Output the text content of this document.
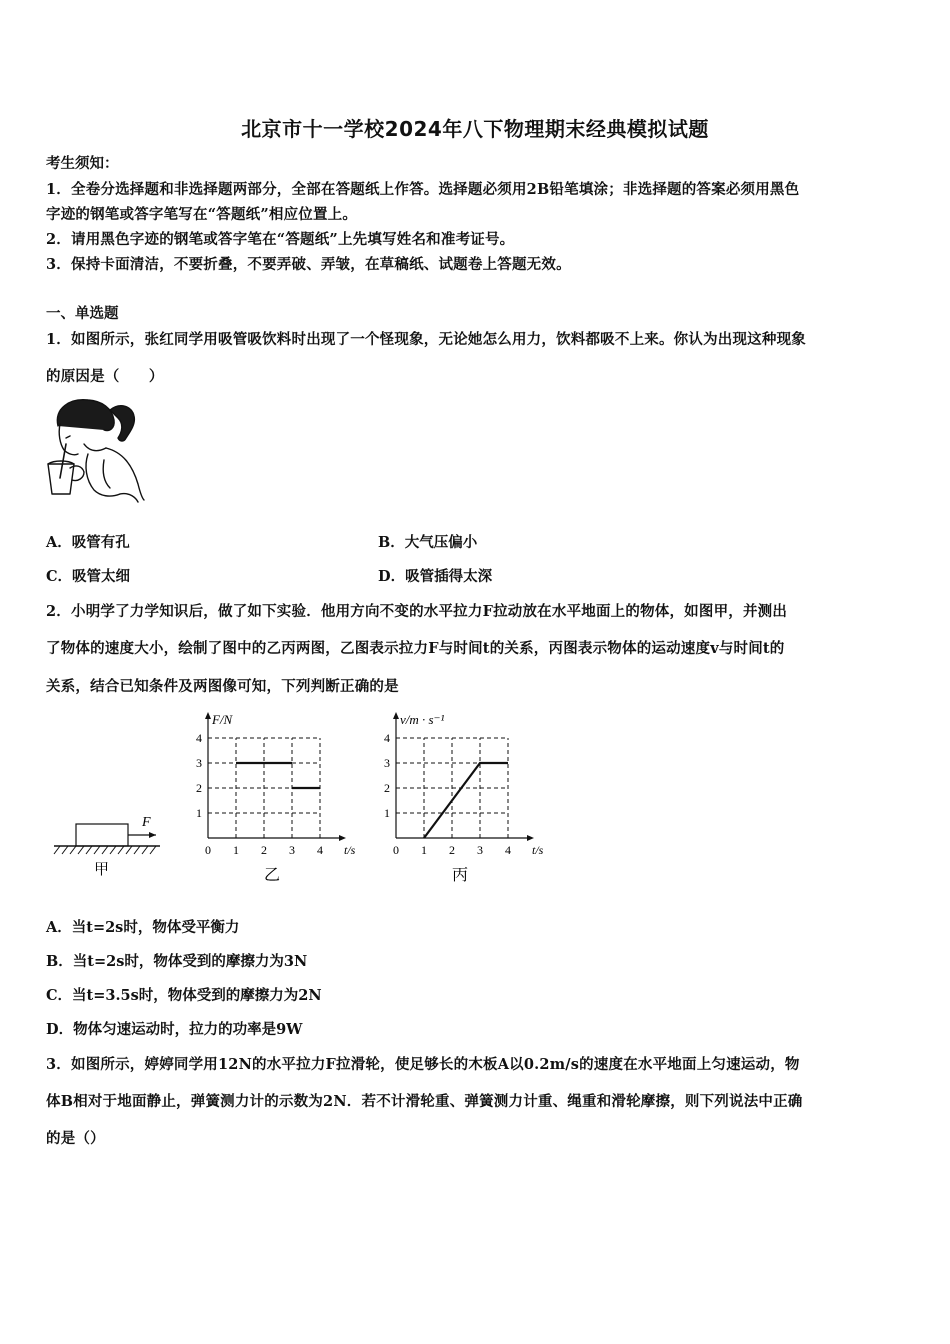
北京市十一学校2024年八下物理期末经典模拟试题
考生须知：
1．全卷分选择题和非选择题两部分，全部在答题纸上作答。选择题必须用2B铅笔填涂；非选择题的答案必须用黑色
字迹的钢笔或答字笔写在“答题纸”相应位置上。
2．请用黑色字迹的钢笔或答字笔在“答题纸”上先填写姓名和准考证号。
3．保持卡面清洁，不要折叠，不要弄破、弄皱，在草稿纸、试题卷上答题无效。
一、单选题
1．如图所示，张红同学用吸管吸饮料时出现了一个怪现象，无论她怎么用力，饮料都吸不上来。你认为出现这种现象
的原因是（　　）
A．吸管有孔	B．大气压偏小
C．吸管太细	D．吸管插得太深
2．小明学了力学知识后，做了如下实验．他用方向不变的水平拉力F拉动放在水平地面上的物体，如图甲，并测出
了物体的速度大小，绘制了图中的乙丙两图，乙图表示拉力F与时间t的关系，丙图表示物体的运动速度v与时间t的
关系，结合已知条件及两图像可知，下列判断正确的是
F
甲
0 1 2 3 4
1
2
3
4
t/s
F/N
乙
0 1 2 3 4
1
2
3
4
t/s
v/m · s⁻¹
丙
A．当t=2s时，物体受平衡力
B．当t=2s时，物体受到的摩擦力为3N
C．当t=3.5s时，物体受到的摩擦力为2N
D．物体匀速运动时，拉力的功率是9W
3．如图所示，婷婷同学用12N的水平拉力F拉滑轮，使足够长的木板A以0.2m/s的速度在水平地面上匀速运动，物
体B相对于地面静止，弹簧测力计的示数为2N．若不计滑轮重、弹簧测力计重、绳重和滑轮摩擦，则下列说法中正确
的是（）
